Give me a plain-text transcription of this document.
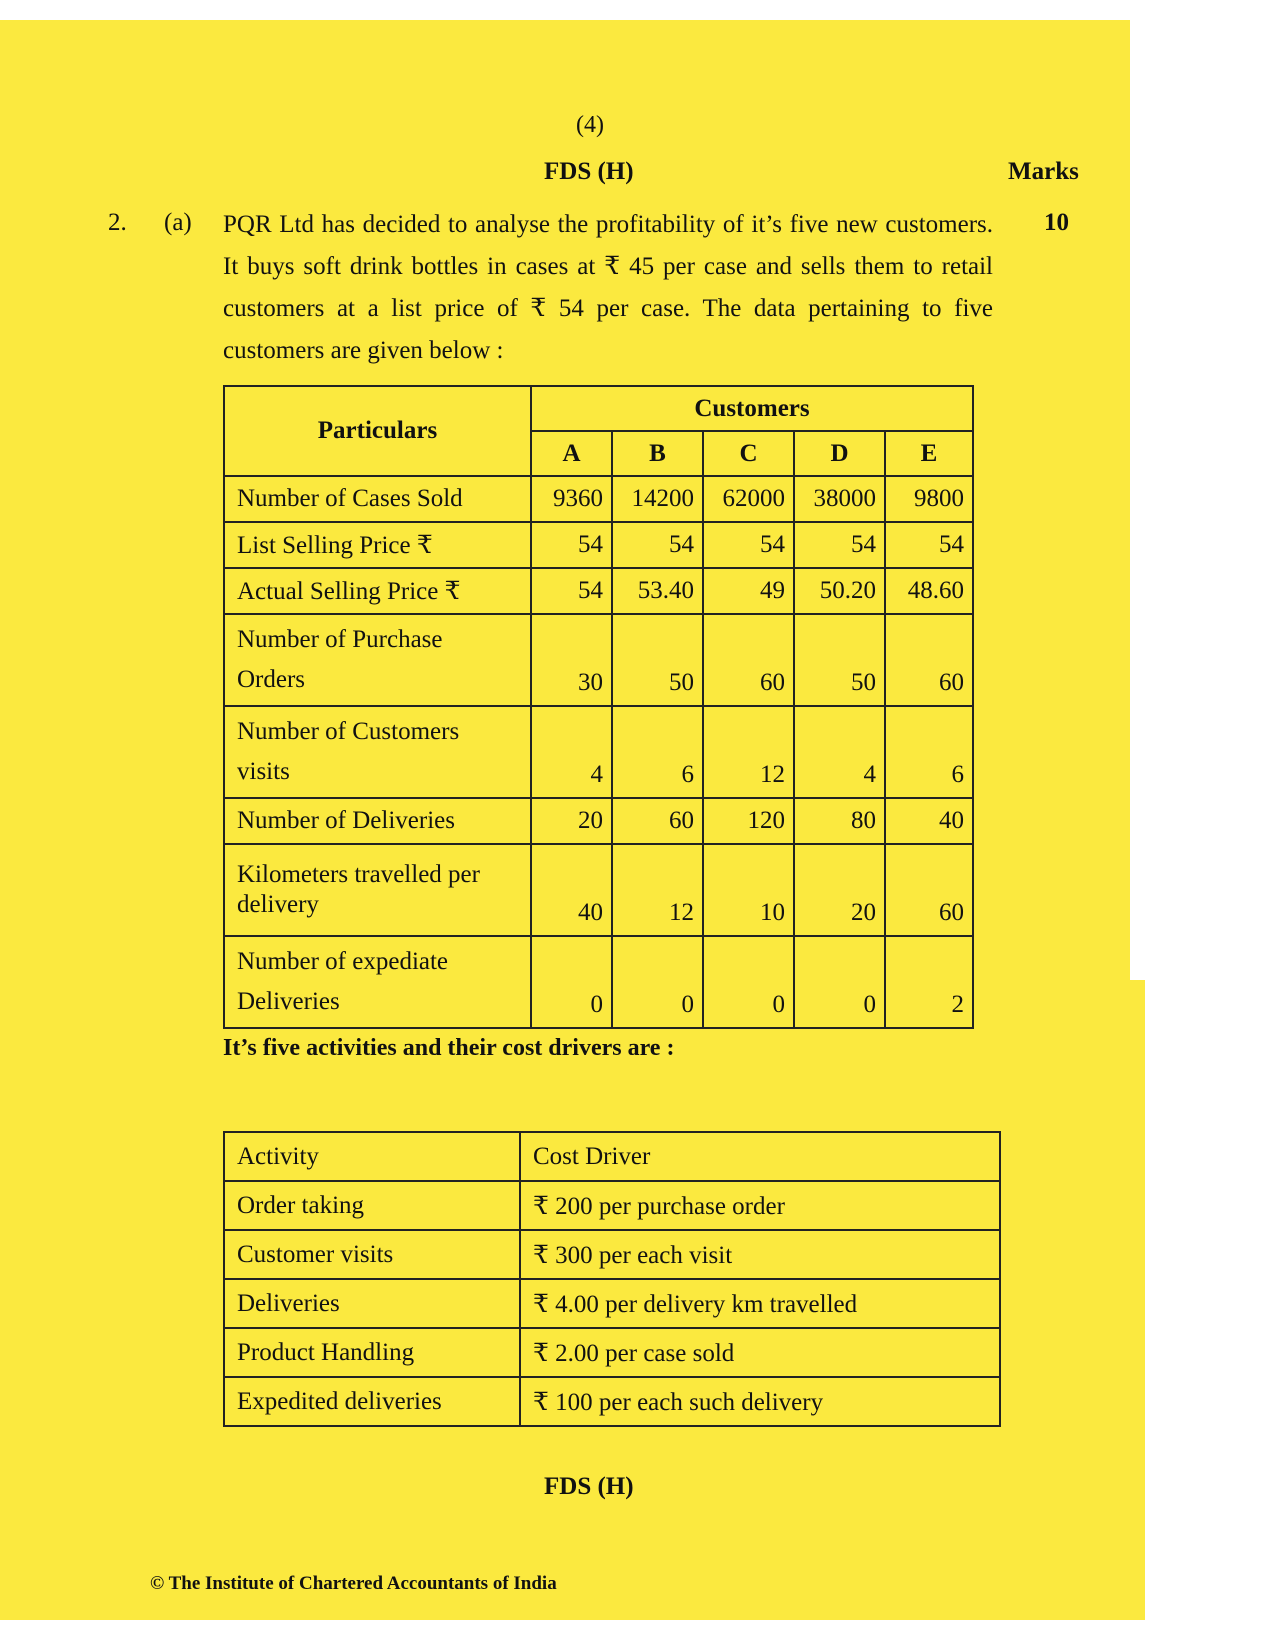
(4)
FDS (H)	Marks
2. (a)	10
PQR Ltd has decided to analyse the profitability of it’s five new customers. It buys soft drink bottles in cases at ₹ 45 per case and sells them to retail customers at a list price of ₹ 54 per case. The data pertaining to five customers are given below :
Particulars	Customers				
	A	B	C	D	E
Number of Cases Sold	9360	14200	62000	38000	9800
List Selling Price ₹	54	54	54	54	54
Actual Selling Price ₹	54	53.40	49	50.20	48.60

Number of Purchase
Orders	30	50	60	50	60

Number of Customers
visits	4	6	12	4	6
Number of Deliveries	20	60	120	80	40

Kilometers travelled per
delivery	40	12	10	20	60

Number of expediate
Deliveries	0	0	0	0	2
It’s five activities and their cost drivers are :
Activity	Cost Driver
Order taking	₹ 200 per purchase order
Customer visits	₹ 300 per each visit
Deliveries	₹ 4.00 per delivery km travelled
Product Handling	₹ 2.00 per case sold
Expedited deliveries	₹ 100 per each such delivery
FDS (H)
© The Institute of Chartered Accountants of India
